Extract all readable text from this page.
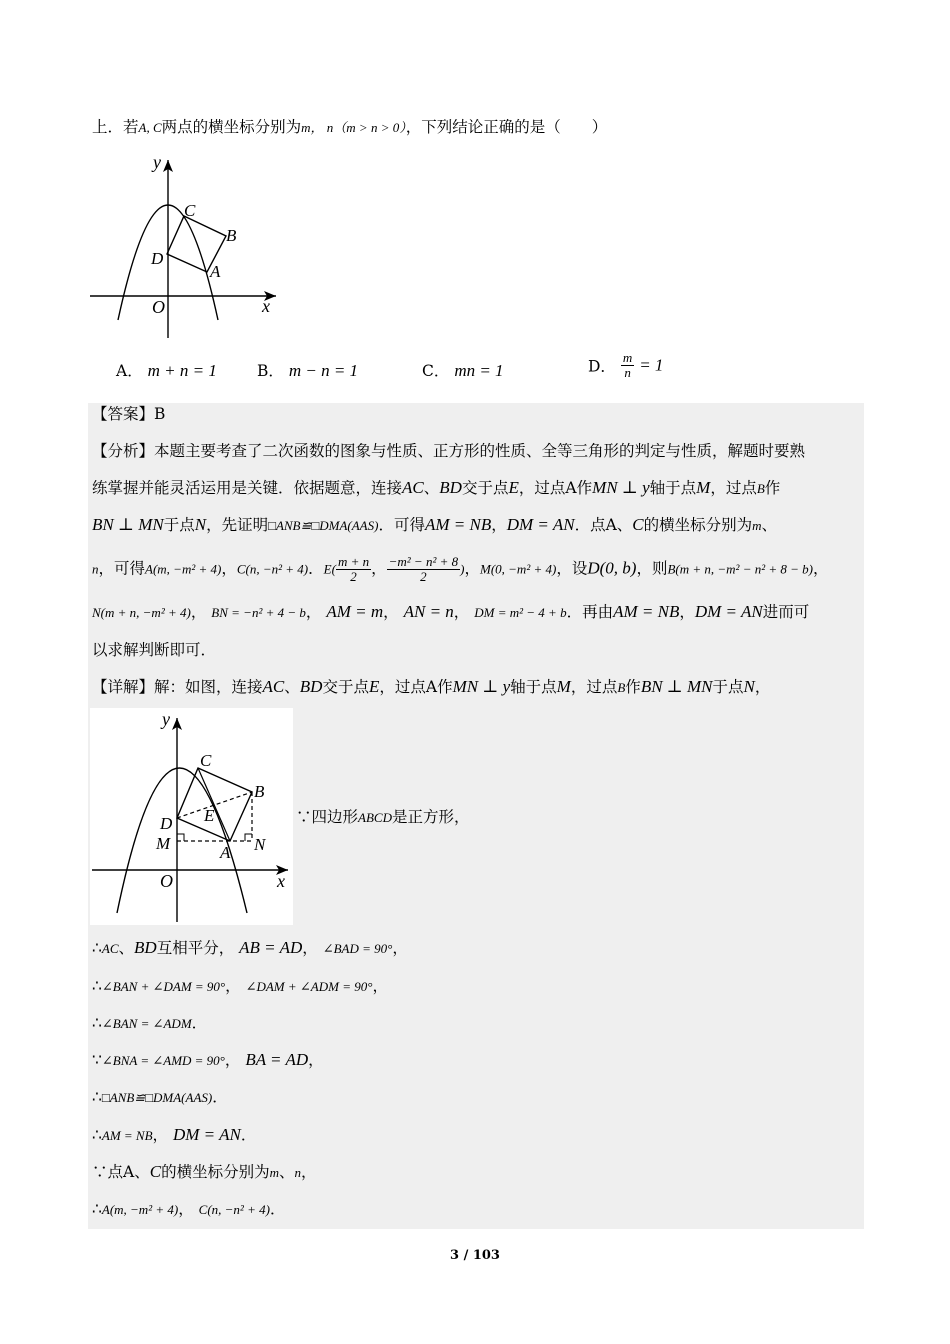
上．若A, C两点的横坐标分别为m， n（m > n > 0），下列结论正确的是（　　）
y
x
O
C
B
D
A
A． m + n = 1	B． m − n = 1	C． mn = 1	D． $\frac{m}{n} = 1$
【答案】B
【分析】本题主要考查了二次函数的图象与性质、正方形的性质、全等三角形的判定与性质，解题时要熟
练掌握并能灵活运用是关键．依据题意，连接AC、BD交于点E，过点A作MN ⊥ y轴于点M，过点B作
BN ⊥ MN于点N，先证明□ANB≌□DMA(AAS)．可得AM = NB，DM = AN．点A、C的横坐标分别为m、
n，可得A(m, −m² + 4)，C(n, −n² + 4)．$E( \frac{m + n}{2}$ ， $\frac{\text{−m² − n² + 8}}{2}$ )，M(0, −m² + 4)，设D(0, b)，则B(m + n, −m² − n² + 8 − b)，
N(m + n, −m² + 4)， BN = −n² + 4 − b， AM = m， AN = n， DM = m² − 4 + b．再由AM = NB，DM = AN进而可
以求解判断即可．
【详解】解：如图，连接AC、BD交于点E，过点A作MN ⊥ y轴于点M，过点B作BN ⊥ MN于点N，
y
x
O
C
B
D E
M	A N
∵四边形ABCD是正方形，
∴AC、BD互相平分， AB = AD， ∠BAD = 90°，
∴∠BAN + ∠DAM = 90°， ∠DAM + ∠ADM = 90°，
∴∠BAN = ∠ADM．
∵∠BNA = ∠AMD = 90°， BA = AD，
∴□ANB≌□DMA(AAS)．
∴AM = NB， DM = AN．
∵点A、C的横坐标分别为m、n，
∴A(m, −m² + 4)， C(n, −n² + 4)．
3 / 103
